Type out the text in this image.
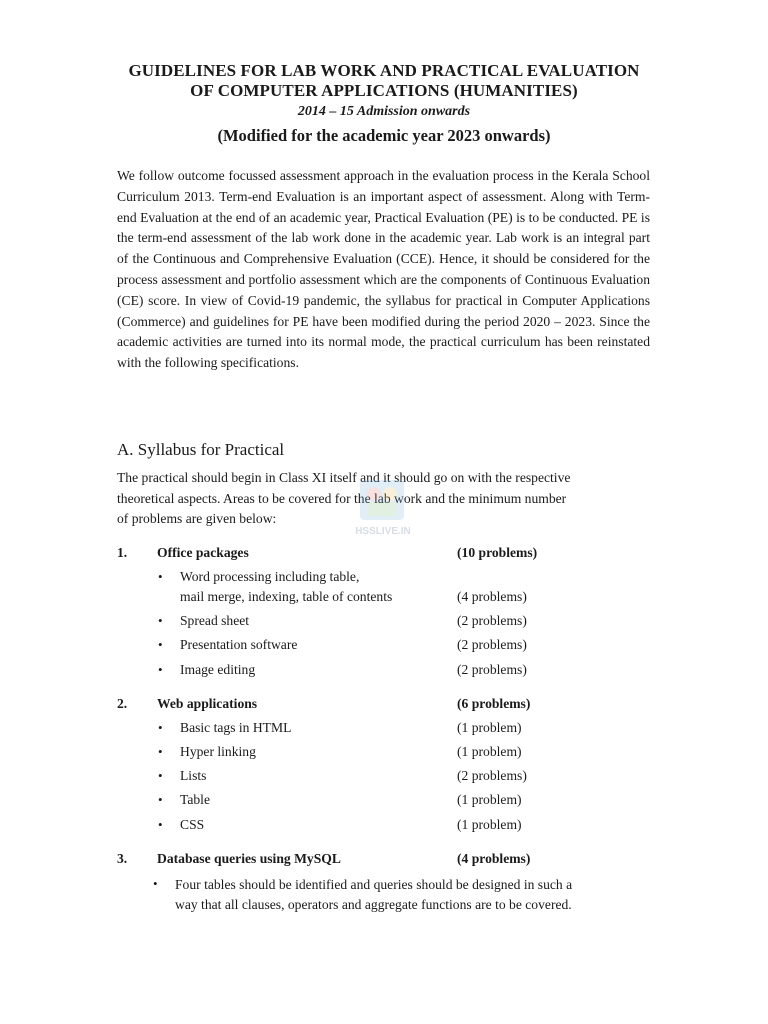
GUIDELINES FOR LAB WORK AND PRACTICAL EVALUATION
OF COMPUTER APPLICATIONS (HUMANITIES)
2014 – 15 Admission onwards
(Modified for the academic year 2023 onwards)
We follow outcome focussed assessment approach in the evaluation process in the Kerala School Curriculum 2013. Term-end Evaluation is an important aspect of assessment. Along with Term-end Evaluation at the end of an academic year, Practical Evaluation (PE) is to be conducted. PE is the term-end assessment of the lab work done in the academic year. Lab work is an integral part of the Continuous and Comprehensive Evaluation (CCE). Hence, it should be considered for the process assessment and portfolio assessment which are the components of Continuous Evaluation (CE) score. In view of Covid-19 pandemic, the syllabus for practical in Computer Applications (Commerce) and guidelines for PE have been modified during the period 2020 – 2023. Since the academic activities are turned into its normal mode, the practical curriculum has been reinstated with the following specifications.
A. Syllabus for Practical
The practical should begin in Class XI itself and it should go on with the respective
theoretical aspects. Areas to be covered for the lab work and the minimum number
of problems are given below:
HSSLIVE.IN
1. Office packages	(10 problems)
• Word processing including table,
mail merge, indexing, table of contents	(4 problems)
• Spread sheet	(2 problems)
• Presentation software	(2 problems)
• Image editing	(2 problems)
2. Web applications	(6 problems)
• Basic tags in HTML	(1 problem)
• Hyper linking	(1 problem)
• Lists	(2 problems)
• Table	(1 problem)
• CSS	(1 problem)
3. Database queries using MySQL	(4 problems)
• Four tables should be identified and queries should be designed in such a
way that all clauses, operators and aggregate functions are to be covered.
